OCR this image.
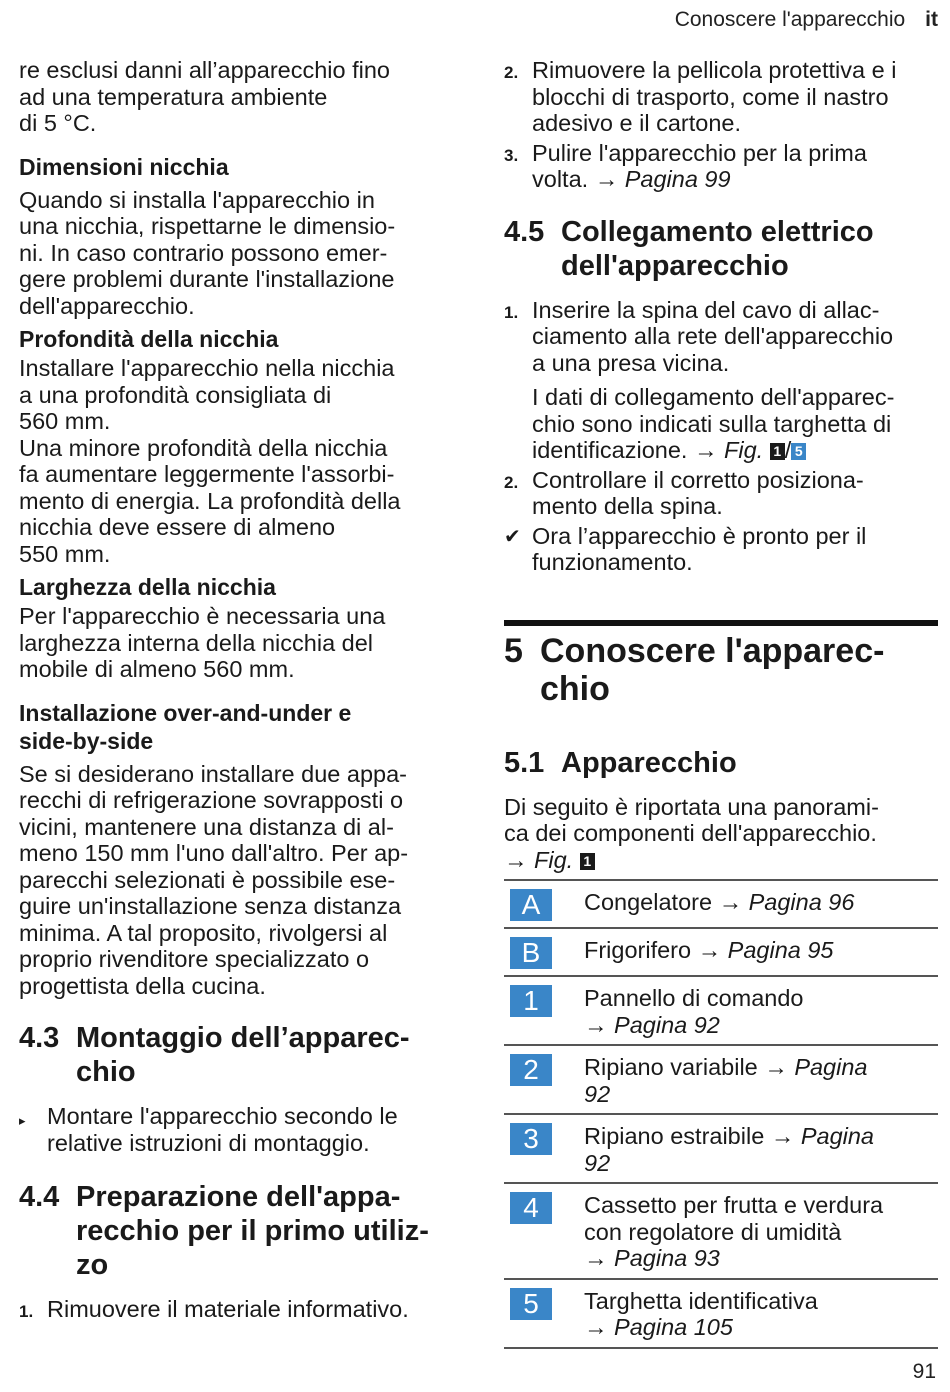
Conoscere l'apparecchio it

re esclusi danni all’apparecchio fino
ad una temperatura ambiente
di 5 °C.

Dimensioni nicchia

Quando si installa l'apparecchio in
una nicchia, rispettarne le dimensio-
ni. In caso contrario possono emer-
gere problemi durante l'installazione
dell'apparecchio.

Profondità della nicchia

Installare l'apparecchio nella nicchia
a una profondità consigliata di
560 mm.
Una minore profondità della nicchia
fa aumentare leggermente l'assorbi-
mento di energia. La profondità della
nicchia deve essere di almeno
550 mm.

Larghezza della nicchia

Per l'apparecchio è necessaria una
larghezza interna della nicchia del
mobile di almeno 560 mm.

Installazione over-and-under e
side-by-side

Se si desiderano installare due appa-
recchi di refrigerazione sovrapposti o
vicini, mantenere una distanza di al-
meno 150 mm l'uno dall'altro. Per ap-
parecchi selezionati è possibile ese-
guire un'installazione senza distanza
minima. A tal proposito, rivolgersi al
proprio rivenditore specializzato o
progettista della cucina.

4.3 Montaggio dell’apparec-
chio
▸ Montare l'apparecchio secondo le
relative istruzioni di montaggio.
4.4 Preparazione dell'appa-
recchio per il primo utiliz-
zo
1. Rimuovere il materiale informativo.
2. Rimuovere la pellicola protettiva e i
blocchi di trasporto, come il nastro
adesivo e il cartone.
3. Pulire l'apparecchio per la prima
volta. → Pagina 99
4.5 Collegamento elettrico
dell'apparecchio
1. Inserire la spina del cavo di allac-
ciamento alla rete dell'apparecchio
a una presa vicina.

I dati di collegamento dell'apparec-
chio sono indicati sulla targhetta di
identificazione. → Fig. 1 / 5

2. Controllare il corretto posiziona-
mento della spina.
✔ Ora l’apparecchio è pronto per il
funzionamento.
5 Conoscere l'apparec-
chio
5.1 Apparecchio

Di seguito è riportata una panorami-
ca dei componenti dell'apparecchio.
→ Fig. 1

A	Congelatore → Pagina 96
B	Frigorifero → Pagina 95
1	Pannello di comando
→ Pagina 92
2	Ripiano variabile → Pagina
92
3	Ripiano estraibile → Pagina
92
4	Cassetto per frutta e verdura
con regolatore di umidità
→ Pagina 93
5	Targhetta identificativa
→ Pagina 105
91
